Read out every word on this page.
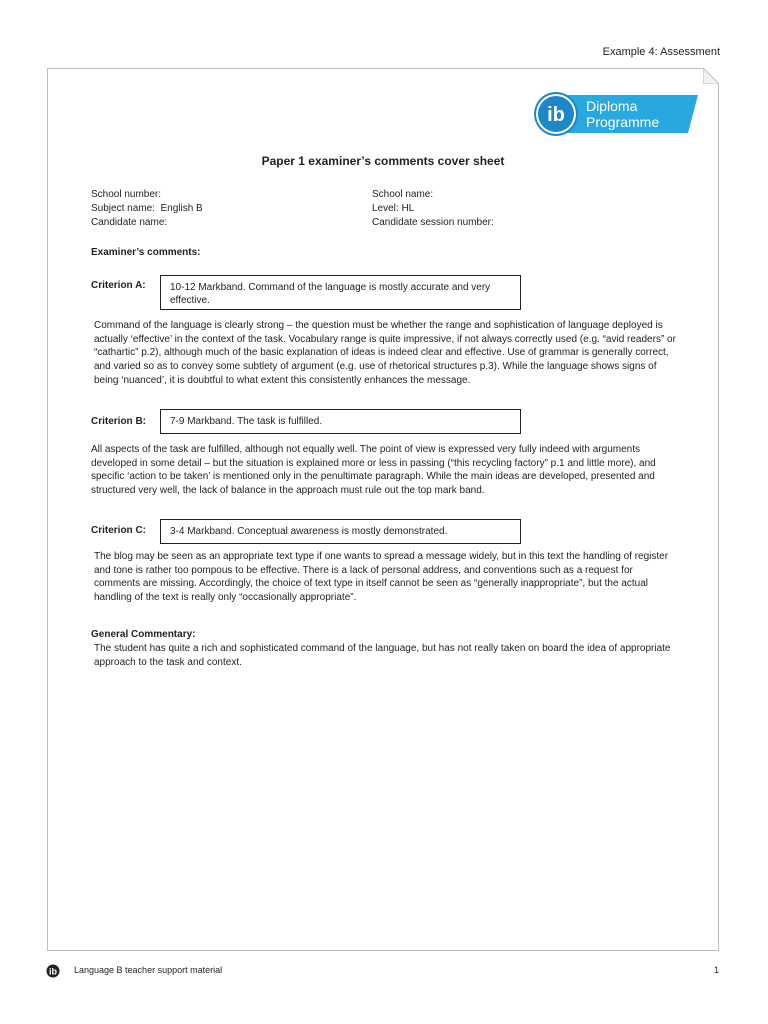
Example 4: Assessment
ib Diploma
Programme
Paper 1 examiner’s comments cover sheet
School number:
Subject name:  English B
Candidate name:
School name:
Level: HL
Candidate session number:
Examiner’s comments:
Criterion A:	10-12 Markband. Command of the language is mostly accurate and very effective.
Command of the language is clearly strong – the question must be whether the range and sophistication of language deployed is actually ‘effective’ in the context of the task. Vocabulary range is quite impressive, if not always correctly used (e.g. “avid readers” or “cathartic” p.2), although much of the basic explanation of ideas is indeed clear and effective. Use of grammar is generally correct, and varied so as to convey some subtlety of argument (e.g. use of rhetorical structures p.3). While the language shows signs of being ‘nuanced’, it is doubtful to what extent this consistently enhances the message.
Criterion B:	7-9 Markband. The task is fulfilled.
All aspects of the task are fulfilled, although not equally well. The point of view is expressed very fully indeed with arguments developed in some detail – but the situation is explained more or less in passing (“this recycling factory” p.1 and little more), and specific ‘action to be taken’ is mentioned only in the penultimate paragraph. While the main ideas are developed, presented and structured very well, the lack of balance in the approach must rule out the top mark band.
Criterion C:	3-4 Markband. Conceptual awareness is mostly demonstrated.
The blog may be seen as an appropriate text type if one wants to spread a message widely, but in this text the handling of register and tone is rather too pompous to be effective. There is a lack of personal address, and conventions such as a request for comments are missing. Accordingly, the choice of text type in itself cannot be seen as “generally inappropriate”, but the actual handling of the text is really only “occasionally appropriate”.
General Commentary:
The student has quite a rich and sophisticated command of the language, but has not really taken on board the idea of appropriate approach to the task and context.
ib Language B teacher support material	1
